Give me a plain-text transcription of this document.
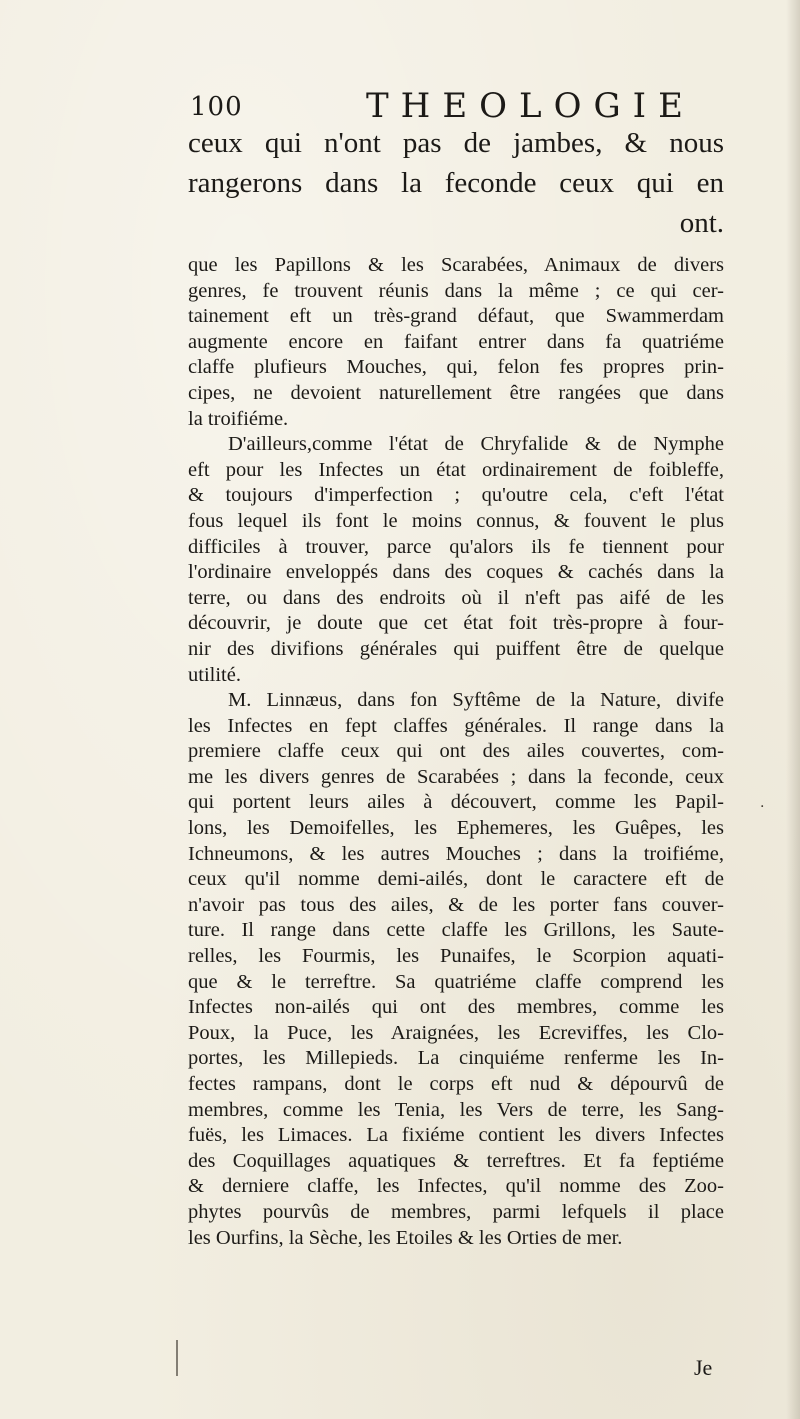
100	THEOLOGIE
ceux qui n'ont pas de jambes, & nous
rangerons dans la feconde ceux qui en
ont.
que les Papillons & les Scarabées, Animaux de divers
genres, fe trouvent réunis dans la même ; ce qui cer-
tainement eft un très-grand défaut, que Swammerdam
augmente encore en faifant entrer dans fa quatriéme
claffe plufieurs Mouches, qui, felon fes propres prin-
cipes, ne devoient naturellement être rangées que dans
la troifiéme.
D'ailleurs,comme l'état de Chryfalide & de Nymphe
eft pour les Infectes un état ordinairement de foibleffe,
& toujours d'imperfection ; qu'outre cela, c'eft l'état
fous lequel ils font le moins connus, & fouvent le plus
difficiles à trouver, parce qu'alors ils fe tiennent pour
l'ordinaire enveloppés dans des coques & cachés dans la
terre, ou dans des endroits où il n'eft pas aifé de les
découvrir, je doute que cet état foit très-propre à four-
nir des divifions générales qui puiffent être de quelque
utilité.
M. Linnæus, dans fon Syftême de la Nature, divife
les Infectes en fept claffes générales. Il range dans la
premiere claffe ceux qui ont des ailes couvertes, com-
me les divers genres de Scarabées ; dans la feconde, ceux
qui portent leurs ailes à découvert, comme les Papil-
lons, les Demoifelles, les Ephemeres, les Guêpes, les
Ichneumons, & les autres Mouches ; dans la troifiéme,
ceux qu'il nomme demi-ailés, dont le caractere eft de
n'avoir pas tous des ailes, & de les porter fans couver-
ture. Il range dans cette claffe les Grillons, les Saute-
relles, les Fourmis, les Punaifes, le Scorpion aquati-
que & le terreftre. Sa quatriéme claffe comprend les
Infectes non-ailés qui ont des membres, comme les
Poux, la Puce, les Araignées, les Ecreviffes, les Clo-
portes, les Millepieds. La cinquiéme renferme les In-
fectes rampans, dont le corps eft nud & dépourvû de
membres, comme les Tenia, les Vers de terre, les Sang-
fuës, les Limaces. La fixiéme contient les divers Infectes
des Coquillages aquatiques & terreftres. Et fa feptiéme
& derniere claffe, les Infectes, qu'il nomme des Zoo-
phytes pourvûs de membres, parmi lefquels il place
les Ourfins, la Sèche, les Etoiles & les Orties de mer.
.
Je
